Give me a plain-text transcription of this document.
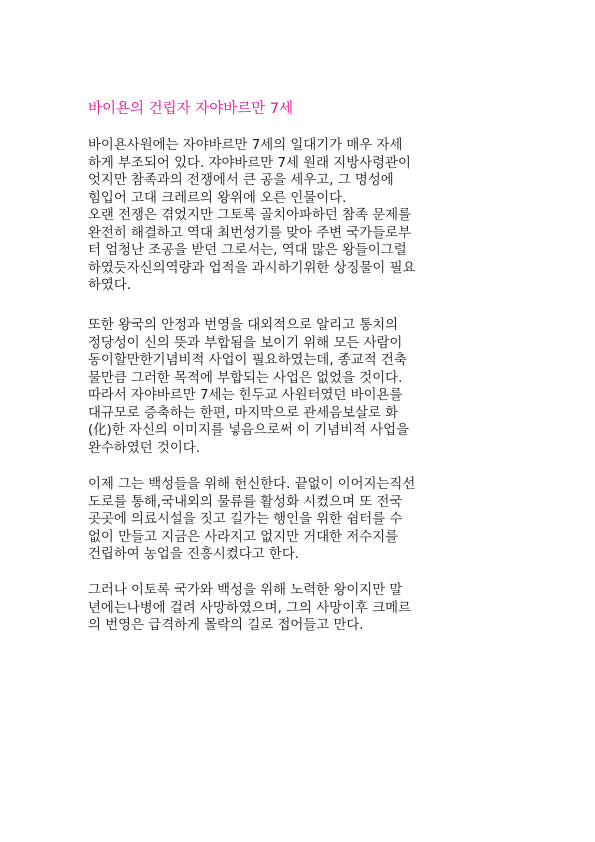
바이욘의 건립자 자야바르만 7세
바이욘사원에는 자야바르만 7세의 일대기가 매우 자세
하게 부조되어 있다. 쟈야바르만 7세 원래 지방사령관이
엇지만 참족과의 전쟁에서 큰 공을 세우고, 그 명성에
힘입어 고대 크레르의 왕위에 오른 인물이다.
오랜 전쟁은 겪었지만 그토록 골치아파하던 참족 문제를
완전히 해결하고 역대 최번성기를 맞아 주변 국가들로부
터 엄청난 조공을 받던 그로서는, 역대 많은 왕들이그럴
하였듯자신의역량과 업적을 과시하기위한 상징물이 필요
하였다.
또한 왕국의 안정과 번영을 대외적으로 알리고 통치의
정당성이 신의 뜻과 부합됨을 보이기 위해 모든 사람이
동이할만한기념비적 사업이 필요하였는데, 종교적 건축
물만큼 그러한 목적에 부합되는 사업은 없었을 것이다.
따라서 자야바르만 7세는 힌두교 사원터였던 바이욘를
대규모로 증축하는 한편, 마지막으로 관세음보살로 화
(化)한 자신의 이미지를 넣음으로써 이 기념비적 사업을
완수하였던 것이다.
이제 그는 백성들을 위해 헌신한다. 끝없이 이어지는직선
도로를 통해,국내외의 물류를 활성화 시켰으며 또 전국
곳곳에 의료시설을 짓고 길가는 행인을 위한 쉼터를 수
없이 만들고 지금은 사라지고 없지만 거대한 저수지를
건립하여 농업을 진흥시켰다고 한다.
그러나 이토록 국가와 백성을 위해 노력한 왕이지만 말
년에는나병에 걸려 사망하였으며, 그의 사망이후 크메르
의 번영은 급격하게 몰락의 길로 접어들고 만다.
